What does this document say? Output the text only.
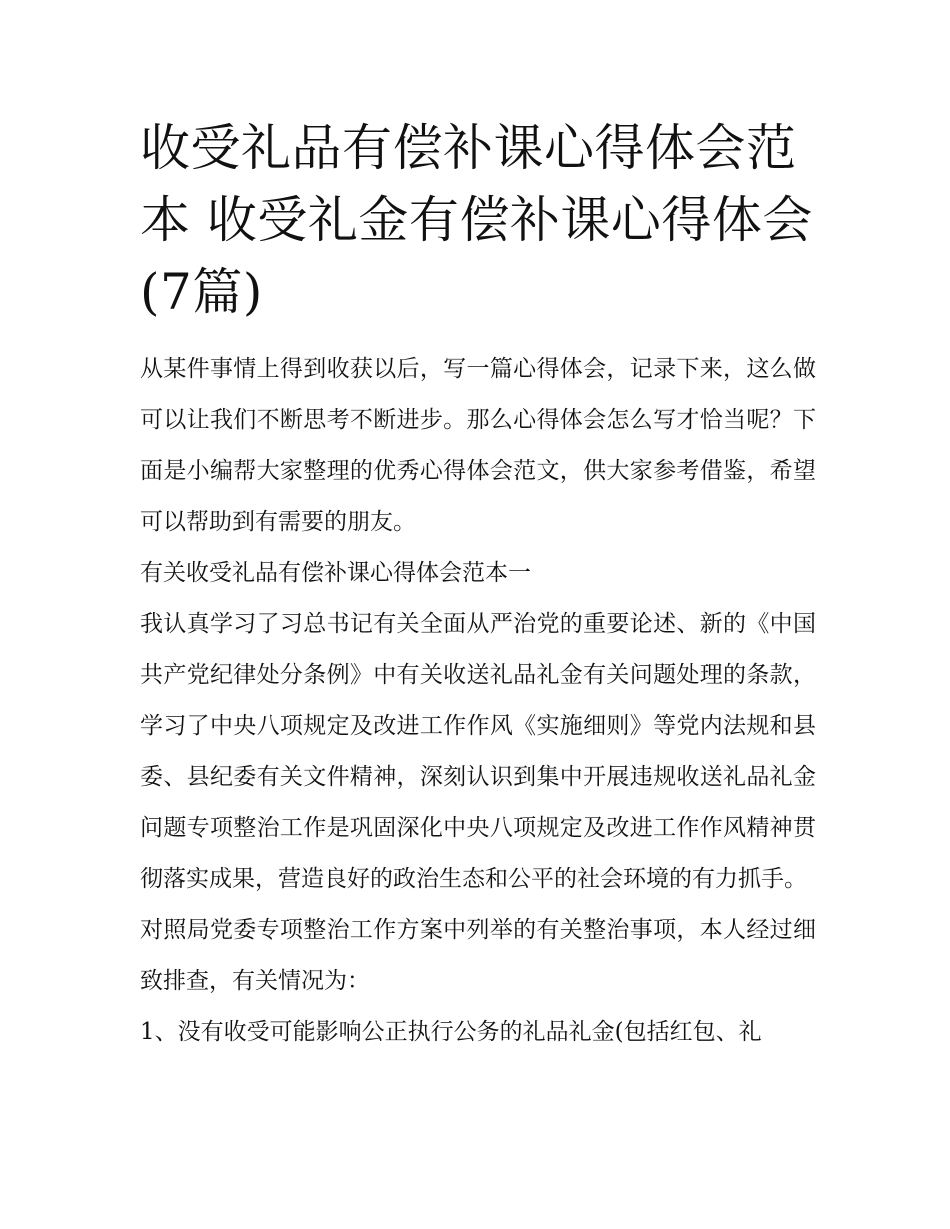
收受礼品有偿补课心得体会范本 收受礼金有偿补课心得体会(7篇)

从某件事情上得到收获以后，写一篇心得体会，记录下来，这么做可以让我们不断思考不断进步。那么心得体会怎么写才恰当呢？下面是小编帮大家整理的优秀心得体会范文，供大家参考借鉴，希望可以帮助到有需要的朋友。

有关收受礼品有偿补课心得体会范本一

我认真学习了习总书记有关全面从严治党的重要论述、新的《中国共产党纪律处分条例》中有关收送礼品礼金有关问题处理的条款，学习了中央八项规定及改进工作作风《实施细则》等党内法规和县委、县纪委有关文件精神，深刻认识到集中开展违规收送礼品礼金问题专项整治工作是巩固深化中央八项规定及改进工作作风精神贯彻落实成果，营造良好的政治生态和公平的社会环境的有力抓手。

对照局党委专项整治工作方案中列举的有关整治事项，本人经过细致排查，有关情况为：

1、没有收受可能影响公正执行公务的礼品礼金(包括红包、礼
